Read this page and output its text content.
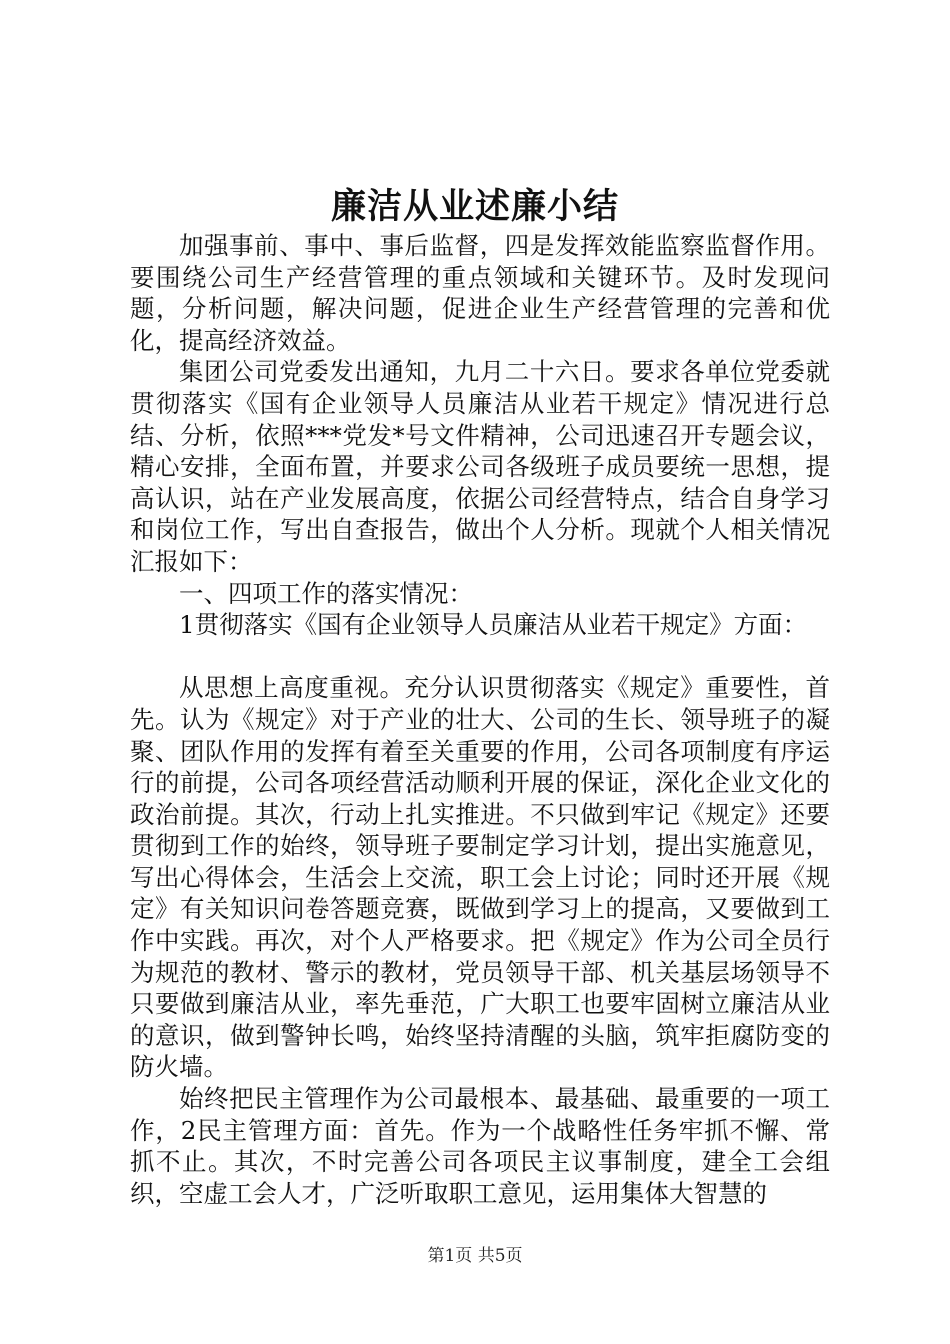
廉洁从业述廉小结

加强事前、事中、事后监督，四是发挥效能监察监督作用。要围绕公司生产经营管理的重点领域和关键环节。及时发现问题，分析问题，解决问题，促进企业生产经营管理的完善和优化，提高经济效益。

集团公司党委发出通知，九月二十六日。要求各单位党委就贯彻落实《国有企业领导人员廉洁从业若干规定》情况进行总结、分析，依照***党发*号文件精神，公司迅速召开专题会议，精心安排，全面布置，并要求公司各级班子成员要统一思想，提高认识，站在产业发展高度，依据公司经营特点，结合自身学习和岗位工作，写出自查报告，做出个人分析。现就个人相关情况汇报如下：

一、四项工作的落实情况：

1贯彻落实《国有企业领导人员廉洁从业若干规定》方面：

从思想上高度重视。充分认识贯彻落实《规定》重要性，首先。认为《规定》对于产业的壮大、公司的生长、领导班子的凝聚、团队作用的发挥有着至关重要的作用，公司各项制度有序运行的前提，公司各项经营活动顺利开展的保证，深化企业文化的政治前提。其次，行动上扎实推进。不只做到牢记《规定》还要贯彻到工作的始终，领导班子要制定学习计划，提出实施意见，写出心得体会，生活会上交流，职工会上讨论；同时还开展《规定》有关知识问卷答题竞赛，既做到学习上的提高，又要做到工作中实践。再次，对个人严格要求。把《规定》作为公司全员行为规范的教材、警示的教材，党员领导干部、机关基层场领导不只要做到廉洁从业，率先垂范，广大职工也要牢固树立廉洁从业的意识，做到警钟长鸣，始终坚持清醒的头脑，筑牢拒腐防变的防火墙。

始终把民主管理作为公司最根本、最基础、最重要的一项工作，2民主管理方面：首先。作为一个战略性任务牢抓不懈、常抓不止。其次，不时完善公司各项民主议事制度，建全工会组织，空虚工会人才，广泛听取职工意见，运用集体大智慧的

第1页 共5页
